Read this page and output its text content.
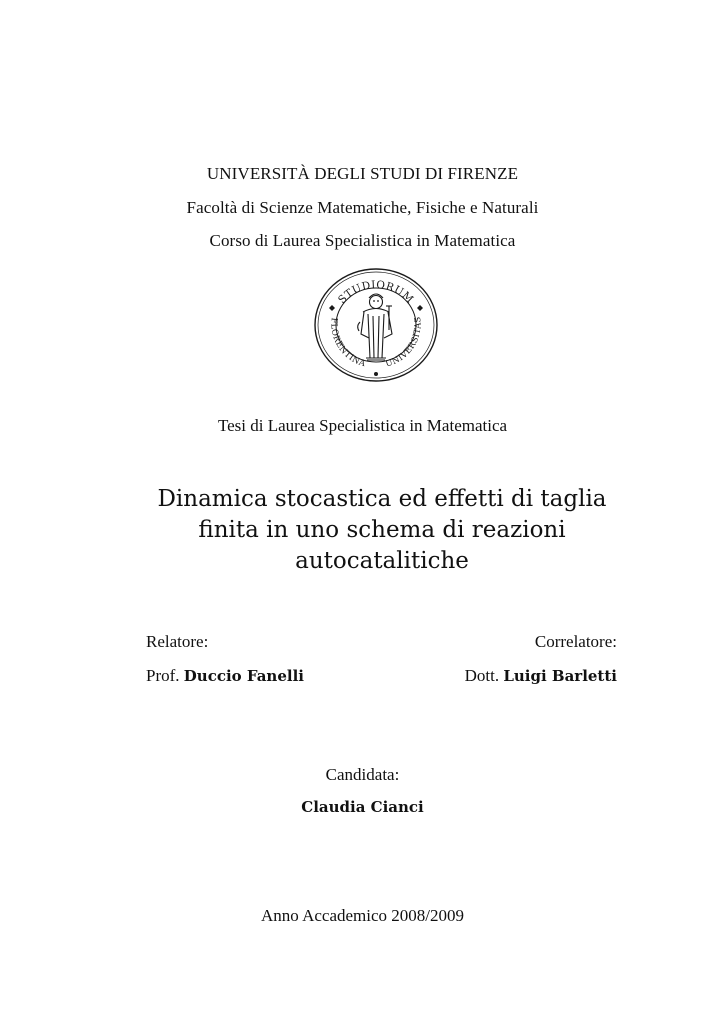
UNIVERSITÀ DEGLI STUDI DI FIRENZE
Facoltà di Scienze Matematiche, Fisiche e Naturali
Corso di Laurea Specialistica in Matematica
STUDIORUM
FLORENTINA UNIVERSITAS
Tesi di Laurea Specialistica in Matematica
Dinamica stocastica ed effetti di taglia
finita in uno schema di reazioni
autocatalitiche
Relatore:
Prof. Duccio Fanelli
Correlatore:
Dott. Luigi Barletti
Candidata:
Claudia Cianci
Anno Accademico 2008/2009
